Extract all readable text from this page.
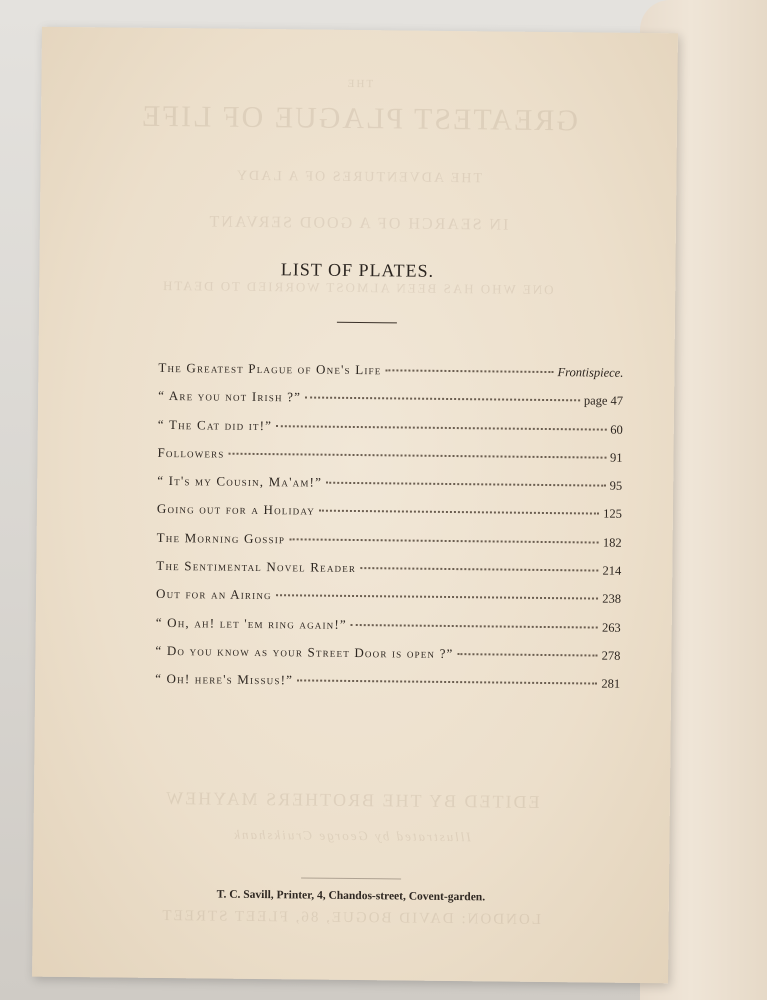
THE
GREATEST PLAGUE OF LIFE
THE ADVENTURES OF A LADY
IN SEARCH OF A GOOD SERVANT
ONE WHO HAS BEEN ALMOST WORRIED TO DEATH
EDITED BY THE BROTHERS MAYHEW
Illustrated by George Cruikshank
LONDON: DAVID BOGUE, 86, FLEET STREET
LIST OF PLATES.
The Greatest Plague of One's Life	Frontispiece.
“ Are you not Irish ?”	page 47
“ The Cat did it!”	60
Followers	91
“ It's my Cousin, Ma'am!”	95
Going out for a Holiday	125
The Morning Gossip	182
The Sentimental Novel Reader	214
Out for an Airing	238
“ Oh, ah! let 'em ring again!”	263
“ Do you know as your Street Door is open ?”	278
“ Oh! here's Missus!”	281
T. C. Savill, Printer, 4, Chandos-street, Covent-garden.
